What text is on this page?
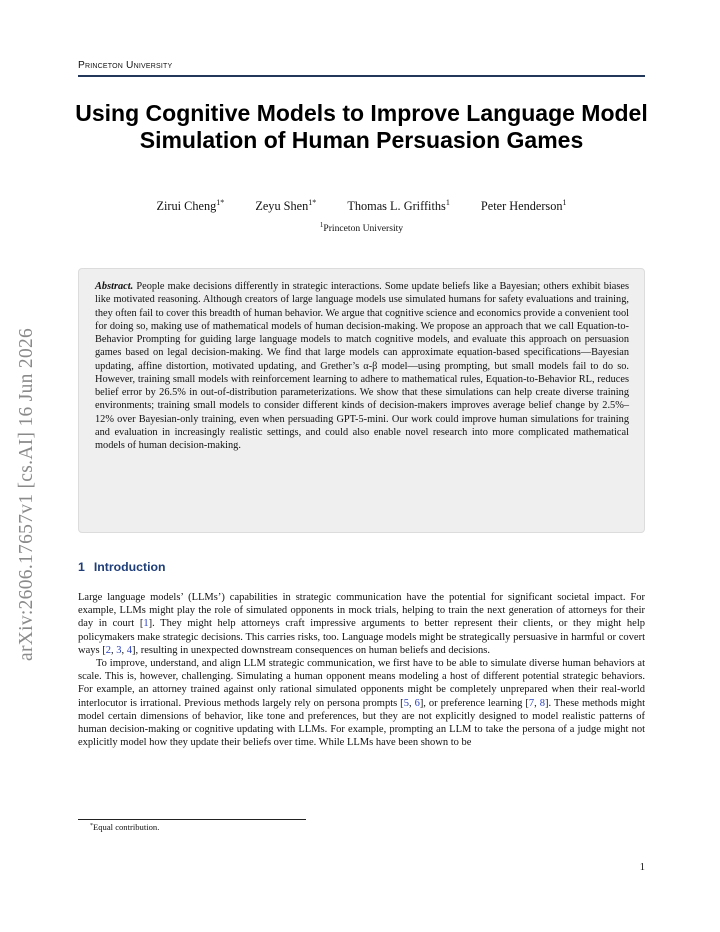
arXiv:2606.17657v1 [cs.AI] 16 Jun 2026
Princeton University
Using Cognitive Models to Improve Language Model Simulation of Human Persuasion Games
Zirui Cheng$^{1*}$	Zeyu Shen$^{1*}$	Thomas L. Griffiths$^1$	Peter Henderson$^1$
$^1$Princeton University
Abstract. People make decisions differently in strategic interactions. Some update beliefs like a Bayesian; others exhibit biases like motivated reasoning. Although creators of large language models use simulated humans for safety evaluations and training, they often fail to cover this breadth of human behavior. We argue that cognitive science and economics provide a convenient tool for doing so, making use of mathematical models of human decision-making. We propose an approach that we call Equation-to-Behavior Prompting for guiding large language models to match cognitive models, and evaluate this approach on persuasion games based on legal decision-making. We find that large models can approximate equation-based specifications—Bayesian updating, affine distortion, motivated updating, and Grether’s α-β model—using prompting, but small models fail to do so. However, training small models with reinforcement learning to adhere to mathematical rules, Equation-to-Behavior RL, reduces belief error by 26.5% in out-of-distribution parameterizations. We show that these simulations can help create diverse training environments; training small models to consider different kinds of decision-makers improves average belief change by 2.5%–12% over Bayesian-only training, even when persuading GPT-5-mini. Our work could improve human simulations for training and evaluation in increasingly realistic settings, and could also enable novel research into more complicated mathematical models of human decision-making.
1 Introduction

Large language models’ (LLMs’) capabilities in strategic communication have the potential for significant societal impact. For example, LLMs might play the role of simulated opponents in mock trials, helping to train the next generation of attorneys for their day in court [1]. They might help attorneys craft impressive arguments to better represent their clients, or they might help policymakers make strategic decisions. This carries risks, too. Language models might be strategically persuasive in harmful or covert ways [2, 3, 4], resulting in unexpected downstream consequences on human beliefs and decisions.

To improve, understand, and align LLM strategic communication, we first have to be able to simulate diverse human behaviors at scale. This is, however, challenging. Simulating a human opponent means modeling a host of different potential strategic behaviors. For example, an attorney trained against only rational simulated opponents might be completely unprepared when their real-world interlocutor is irrational. Previous methods largely rely on persona prompts [5, 6], or preference learning [7, 8]. These methods might model certain dimensions of behavior, like tone and preferences, but they are not explicitly designed to model realistic patterns of human decision-making or cognitive updating with LLMs. For example, prompting an LLM to take the persona of a judge might not explicitly model how they update their beliefs over time. While LLMs have been shown to be

*Equal contribution.
1
